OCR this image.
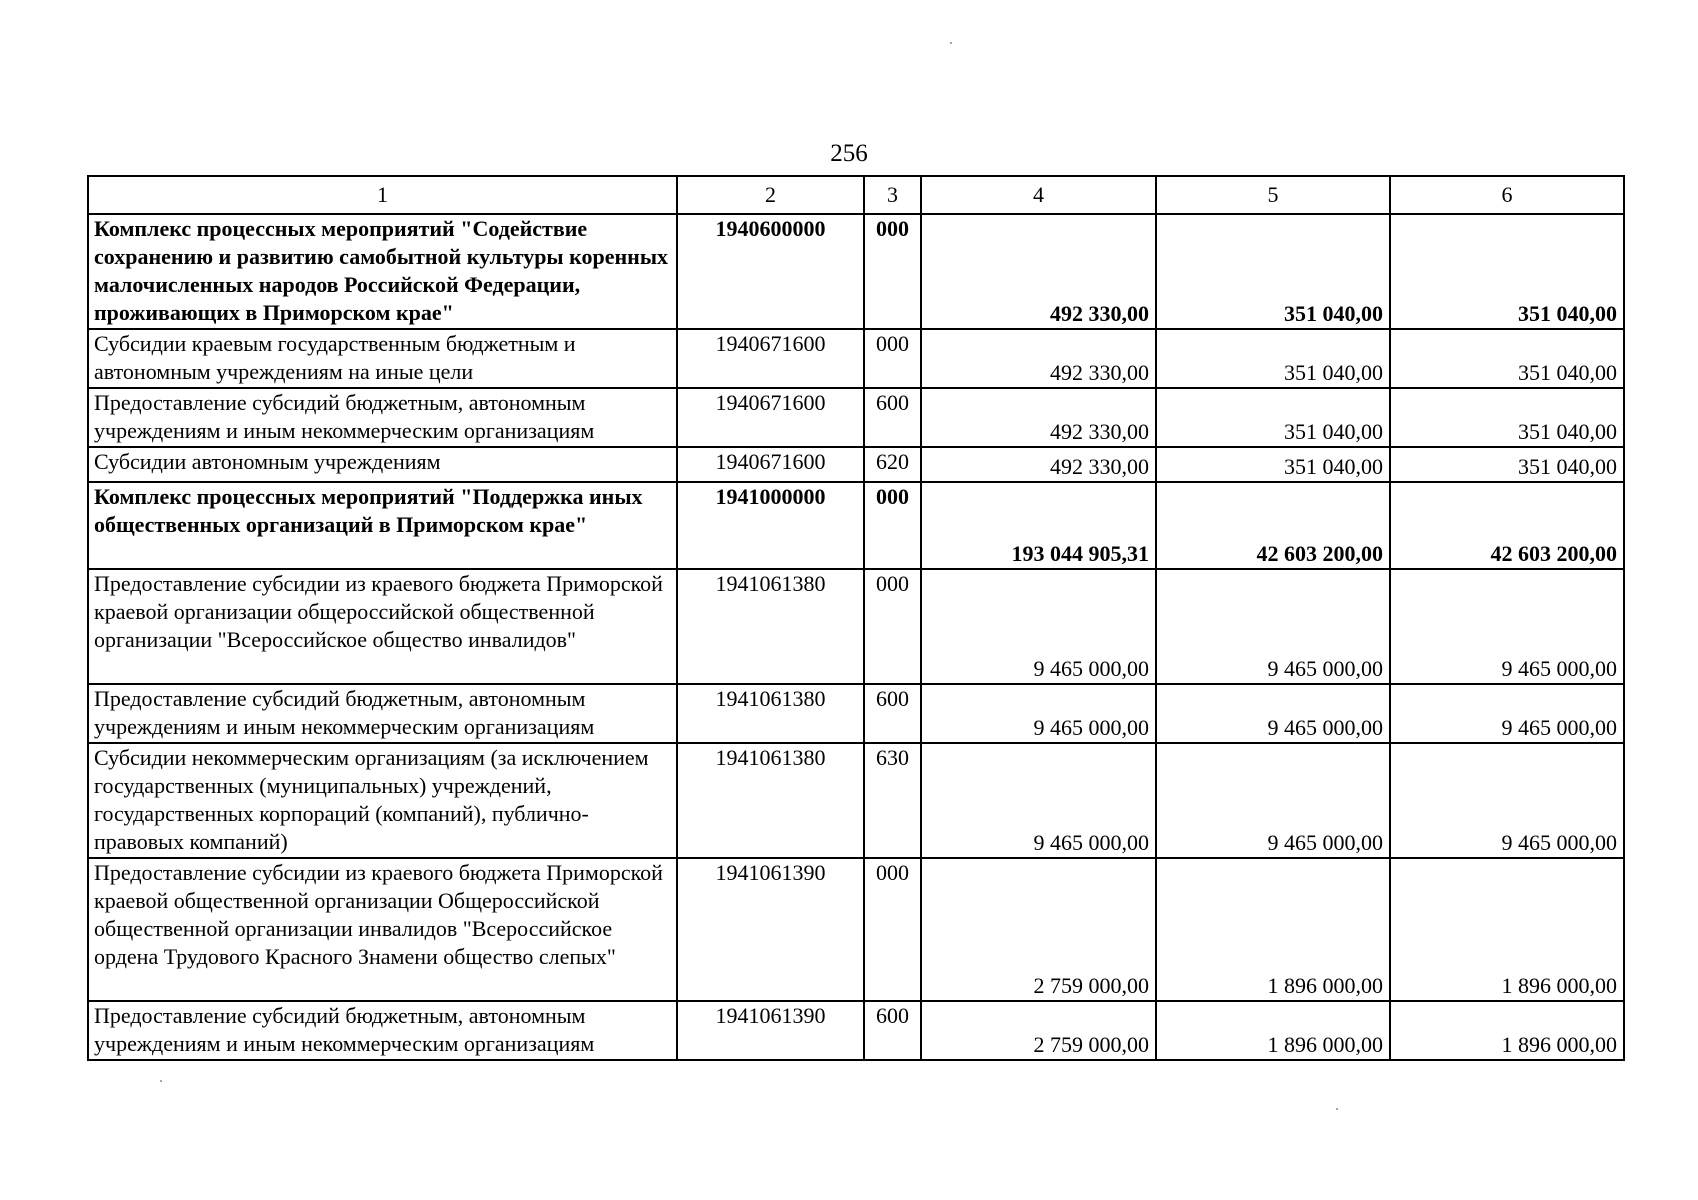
256
1	2	3	4	5	6
Комплекс процессных мероприятий "Содействие сохранению и развитию самобытной культуры коренных малочисленных народов Российской Федерации, проживающих в Приморском крае"	1940600000	000	492 330,00	351 040,00	351 040,00
Субсидии краевым государственным бюджетным и автономным учреждениям на иные цели	1940671600	000	492 330,00	351 040,00	351 040,00
Предоставление субсидий бюджетным, автономным учреждениям и иным некоммерческим организациям	1940671600	600	492 330,00	351 040,00	351 040,00
Субсидии автономным учреждениям	1940671600	620	492 330,00	351 040,00	351 040,00
Комплекс процессных мероприятий "Поддержка иных общественных организаций в Приморском крае"	1941000000	000	193 044 905,31	42 603 200,00	42 603 200,00
Предоставление субсидии из краевого бюджета Приморской краевой организации общероссийской общественной организации "Всероссийское общество инвалидов"	1941061380	000	9 465 000,00	9 465 000,00	9 465 000,00
Предоставление субсидий бюджетным, автономным учреждениям и иным некоммерческим организациям	1941061380	600	9 465 000,00	9 465 000,00	9 465 000,00
Субсидии некоммерческим организациям (за исключением государственных (муниципальных) учреждений, государственных корпораций (компаний), публично-правовых компаний)	1941061380	630	9 465 000,00	9 465 000,00	9 465 000,00
Предоставление субсидии из краевого бюджета Приморской краевой общественной организации Общероссийской общественной организации инвалидов "Всероссийское ордена Трудового Красного Знамени общество слепых"	1941061390	000	2 759 000,00	1 896 000,00	1 896 000,00
Предоставление субсидий бюджетным, автономным учреждениям и иным некоммерческим организациям	1941061390	600	2 759 000,00	1 896 000,00	1 896 000,00
